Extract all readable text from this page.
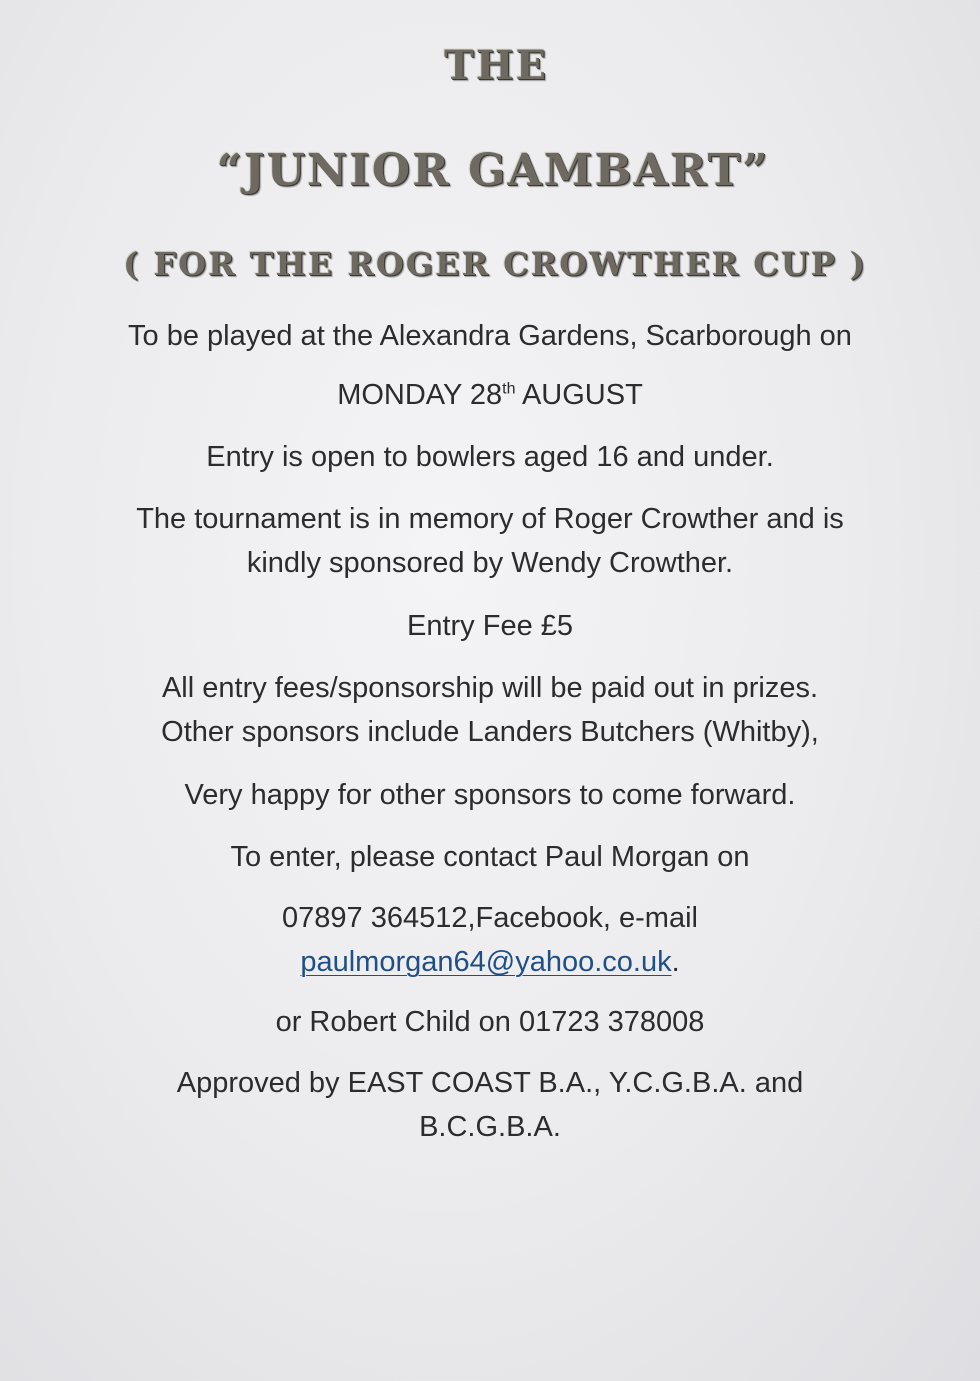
THE
“JUNIOR GAMBART”
( FOR THE ROGER CROWTHER CUP )
To be played at the Alexandra Gardens, Scarborough on
MONDAY 28th AUGUST
Entry is open to bowlers aged 16 and under.
The tournament is in memory of Roger Crowther and is
kindly sponsored by Wendy Crowther.
Entry Fee £5
All entry fees/sponsorship will be paid out in prizes.
Other sponsors include Landers Butchers (Whitby),
Very happy for other sponsors to come forward.
To enter, please contact Paul Morgan on
07897 364512,Facebook, e-mail
paulmorgan64@yahoo.co.uk.
or Robert Child on 01723 378008
Approved by EAST COAST B.A., Y.C.G.B.A. and
B.C.G.B.A.
